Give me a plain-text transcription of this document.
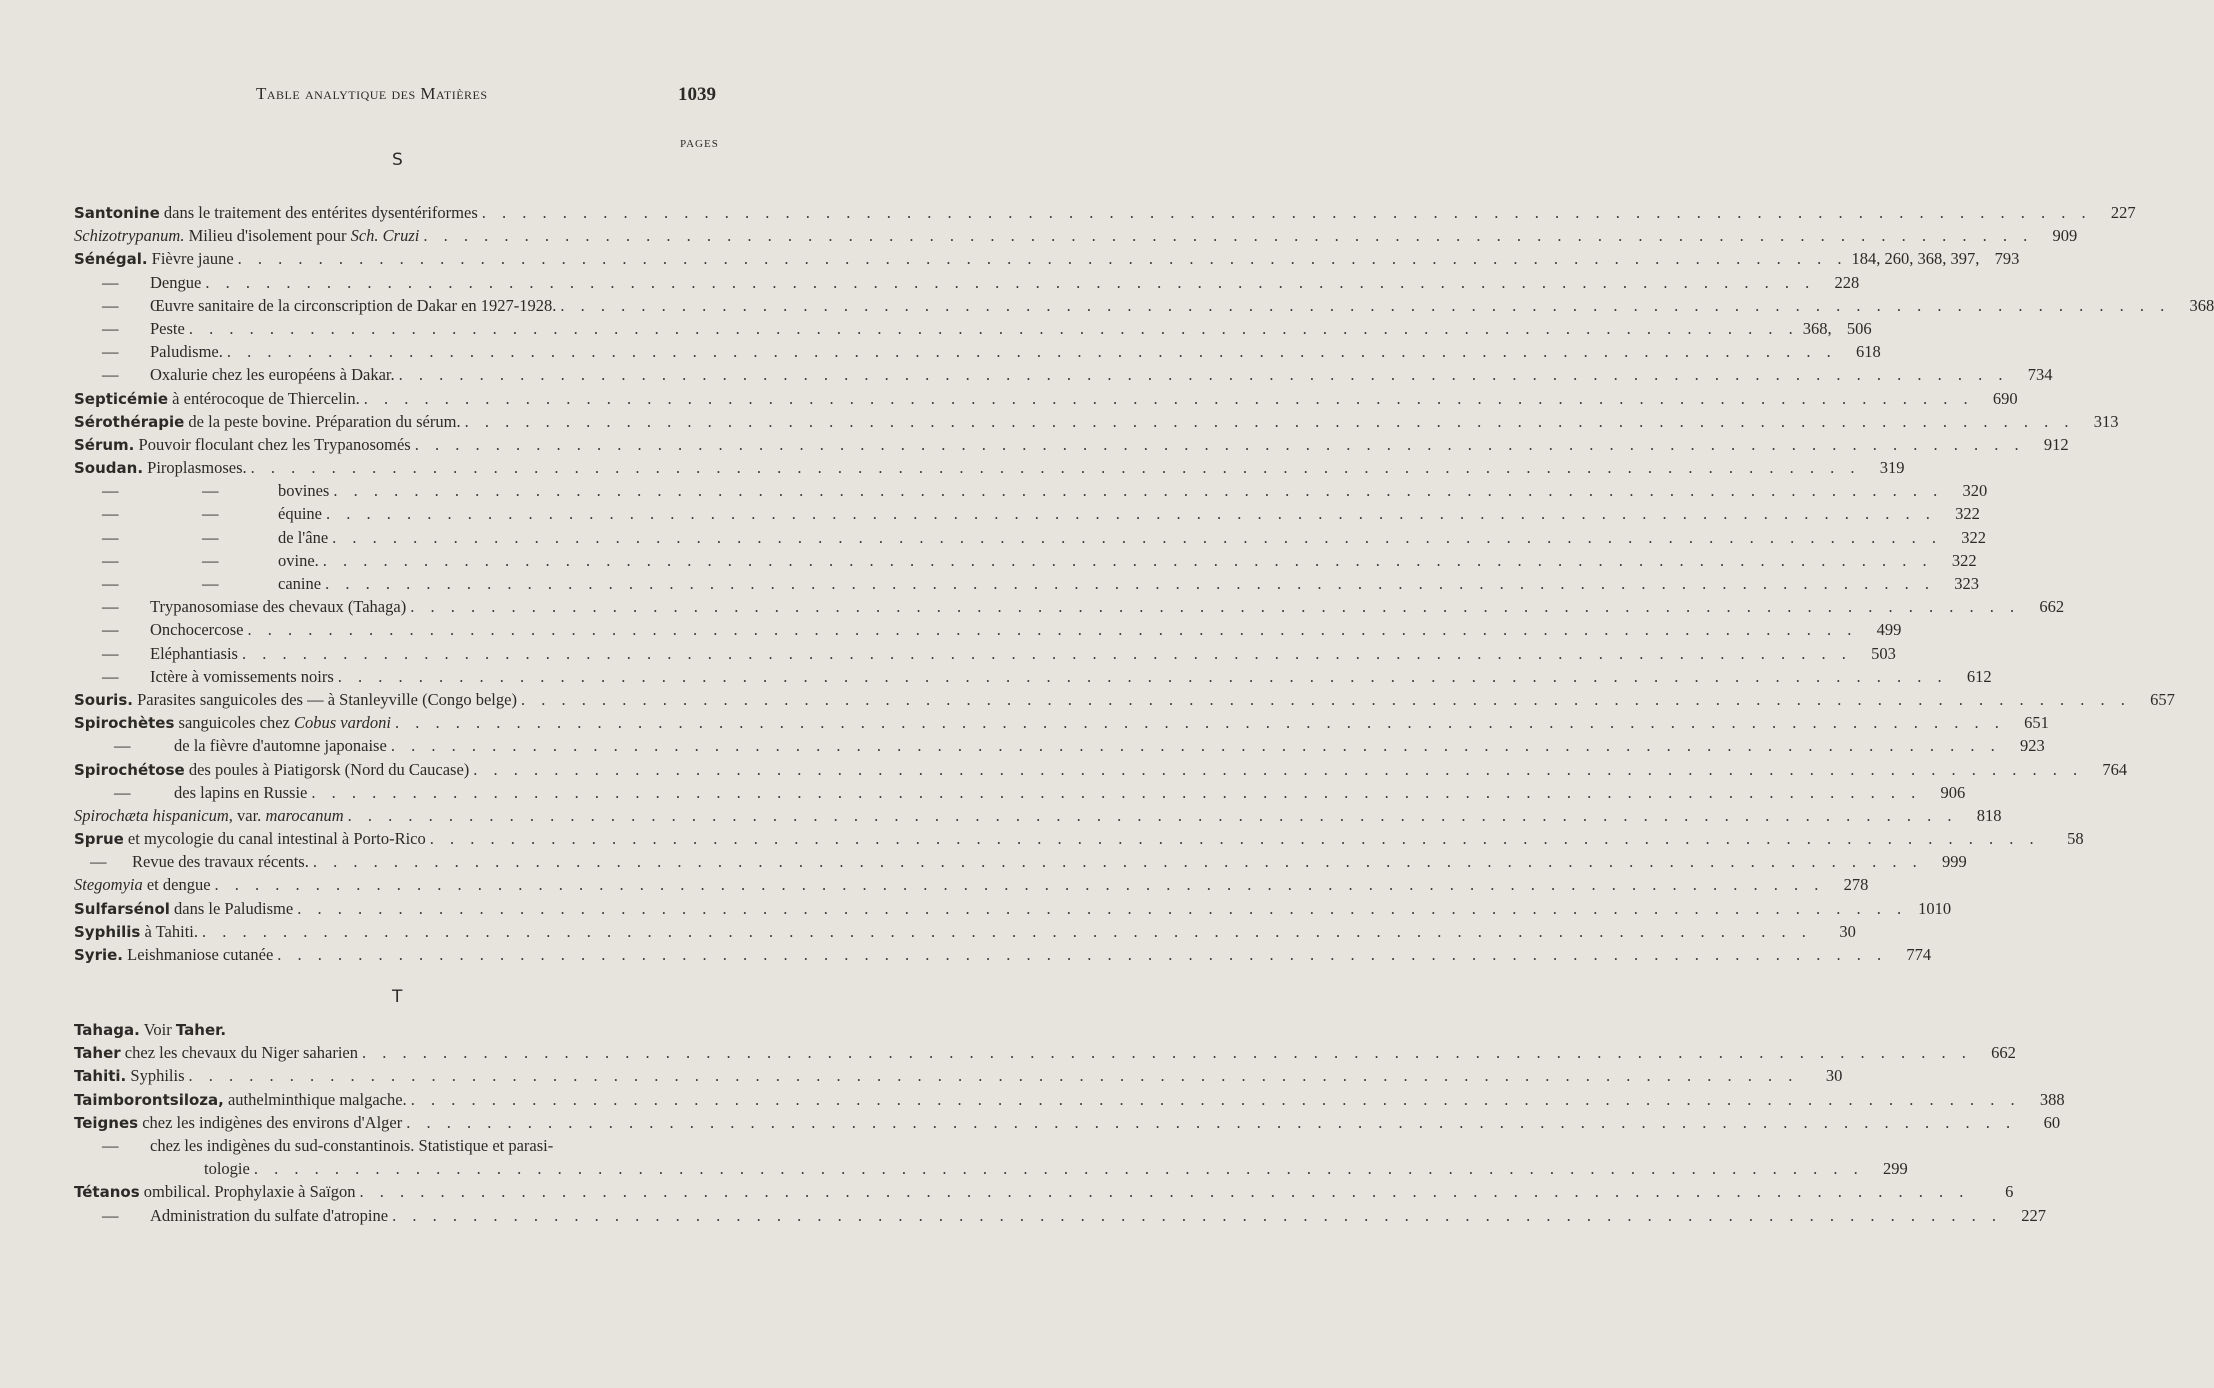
Table analytique des Matières	1039
PAGES
S
Santonine dans le traitement des entérites dysentériformes . . . . . . . . . . . . . . . . . . . . . . . . . . . . . . . . . . . . . . . . . . . . . . . . . . . . . . . . . . . . . . . . . . . . . . . . . . . . . . . .	227
Schizotrypanum. Milieu d'isolement pour Sch. Cruzi . . . . . . . . . . . . . . . . . . . . . . . . . . . . . . . . . . . . . . . . . . . . . . . . . . . . . . . . . . . . . . . . . . . . . . . . . . . . . . . .	909
Sénégal. Fièvre jaune . . . . . . . . . . . . . . . . . . . . . . . . . . . . . . . . . . . . . . . . . . . . . . . . . . . . . . . . . . . . . . . . . . . . . . . . . . . . . . . . 184, 260, 368, 397, 793
— Dengue . . . . . . . . . . . . . . . . . . . . . . . . . . . . . . . . . . . . . . . . . . . . . . . . . . . . . . . . . . . . . . . . . . . . . . . . . . . . . . . .	228
— Œuvre sanitaire de la circonscription de Dakar en 1927-1928. . . . . . . . . . . . . . . . . . . . . . . . . . . . . . . . . . . . . . . . . . . . . . . . . . . . . . . . . . . . . . . . . . . . . . . . . . . . . . . . .	368
— Peste . . . . . . . . . . . . . . . . . . . . . . . . . . . . . . . . . . . . . . . . . . . . . . . . . . . . . . . . . . . . . . . . . . . . . . . . . . . . . . . . 368, 506
— Paludisme. . . . . . . . . . . . . . . . . . . . . . . . . . . . . . . . . . . . . . . . . . . . . . . . . . . . . . . . . . . . . . . . . . . . . . . . . . . . . . . . .	618
— Oxalurie chez les européens à Dakar. . . . . . . . . . . . . . . . . . . . . . . . . . . . . . . . . . . . . . . . . . . . . . . . . . . . . . . . . . . . . . . . . . . . . . . . . . . . . . . . .	734
Septicémie à entérocoque de Thiercelin. . . . . . . . . . . . . . . . . . . . . . . . . . . . . . . . . . . . . . . . . . . . . . . . . . . . . . . . . . . . . . . . . . . . . . . . . . . . . . . . .	690
Sérothérapie de la peste bovine. Préparation du sérum. . . . . . . . . . . . . . . . . . . . . . . . . . . . . . . . . . . . . . . . . . . . . . . . . . . . . . . . . . . . . . . . . . . . . . . . . . . . . . . . .	313
Sérum. Pouvoir floculant chez les Trypanosomés . . . . . . . . . . . . . . . . . . . . . . . . . . . . . . . . . . . . . . . . . . . . . . . . . . . . . . . . . . . . . . . . . . . . . . . . . . . . . . . .	912
Soudan. Piroplasmoses. . . . . . . . . . . . . . . . . . . . . . . . . . . . . . . . . . . . . . . . . . . . . . . . . . . . . . . . . . . . . . . . . . . . . . . . . . . . . . . . .	319
—	—	bovines . . . . . . . . . . . . . . . . . . . . . . . . . . . . . . . . . . . . . . . . . . . . . . . . . . . . . . . . . . . . . . . . . . . . . . . . . . . . . . . .	320
—	—	équine . . . . . . . . . . . . . . . . . . . . . . . . . . . . . . . . . . . . . . . . . . . . . . . . . . . . . . . . . . . . . . . . . . . . . . . . . . . . . . . .	322
—	—	de l'âne . . . . . . . . . . . . . . . . . . . . . . . . . . . . . . . . . . . . . . . . . . . . . . . . . . . . . . . . . . . . . . . . . . . . . . . . . . . . . . . .	322
—	—	ovine. . . . . . . . . . . . . . . . . . . . . . . . . . . . . . . . . . . . . . . . . . . . . . . . . . . . . . . . . . . . . . . . . . . . . . . . . . . . . . . . .	322
—	—	canine . . . . . . . . . . . . . . . . . . . . . . . . . . . . . . . . . . . . . . . . . . . . . . . . . . . . . . . . . . . . . . . . . . . . . . . . . . . . . . . .	323
— Trypanosomiase des chevaux (Tahaga) . . . . . . . . . . . . . . . . . . . . . . . . . . . . . . . . . . . . . . . . . . . . . . . . . . . . . . . . . . . . . . . . . . . . . . . . . . . . . . . .	662
— Onchocercose . . . . . . . . . . . . . . . . . . . . . . . . . . . . . . . . . . . . . . . . . . . . . . . . . . . . . . . . . . . . . . . . . . . . . . . . . . . . . . . .	499
— Eléphantiasis . . . . . . . . . . . . . . . . . . . . . . . . . . . . . . . . . . . . . . . . . . . . . . . . . . . . . . . . . . . . . . . . . . . . . . . . . . . . . . . .	503
— Ictère à vomissements noirs . . . . . . . . . . . . . . . . . . . . . . . . . . . . . . . . . . . . . . . . . . . . . . . . . . . . . . . . . . . . . . . . . . . . . . . . . . . . . . . .	612
Souris. Parasites sanguicoles des — à Stanleyville (Congo belge) . . . . . . . . . . . . . . . . . . . . . . . . . . . . . . . . . . . . . . . . . . . . . . . . . . . . . . . . . . . . . . . . . . . . . . . . . . . . . . . .	657
Spirochètes sanguicoles chez Cobus vardoni . . . . . . . . . . . . . . . . . . . . . . . . . . . . . . . . . . . . . . . . . . . . . . . . . . . . . . . . . . . . . . . . . . . . . . . . . . . . . . . .	651
—	de la fièvre d'automne japonaise . . . . . . . . . . . . . . . . . . . . . . . . . . . . . . . . . . . . . . . . . . . . . . . . . . . . . . . . . . . . . . . . . . . . . . . . . . . . . . . .	923
Spirochétose des poules à Piatigorsk (Nord du Caucase) . . . . . . . . . . . . . . . . . . . . . . . . . . . . . . . . . . . . . . . . . . . . . . . . . . . . . . . . . . . . . . . . . . . . . . . . . . . . . . . .	764
—	des lapins en Russie . . . . . . . . . . . . . . . . . . . . . . . . . . . . . . . . . . . . . . . . . . . . . . . . . . . . . . . . . . . . . . . . . . . . . . . . . . . . . . . .	906
Spirochæta hispanicum, var. marocanum . . . . . . . . . . . . . . . . . . . . . . . . . . . . . . . . . . . . . . . . . . . . . . . . . . . . . . . . . . . . . . . . . . . . . . . . . . . . . . . .	818
Sprue et mycologie du canal intestinal à Porto-Rico . . . . . . . . . . . . . . . . . . . . . . . . . . . . . . . . . . . . . . . . . . . . . . . . . . . . . . . . . . . . . . . . . . . . . . . . . . . . . . . .	58
— Revue des travaux récents. . . . . . . . . . . . . . . . . . . . . . . . . . . . . . . . . . . . . . . . . . . . . . . . . . . . . . . . . . . . . . . . . . . . . . . . . . . . . . . . .	999
Stegomyia et dengue . . . . . . . . . . . . . . . . . . . . . . . . . . . . . . . . . . . . . . . . . . . . . . . . . . . . . . . . . . . . . . . . . . . . . . . . . . . . . . . .	278
Sulfarsénol dans le Paludisme . . . . . . . . . . . . . . . . . . . . . . . . . . . . . . . . . . . . . . . . . . . . . . . . . . . . . . . . . . . . . . . . . . . . . . . . . . . . . . . . 1010
Syphilis à Tahiti. . . . . . . . . . . . . . . . . . . . . . . . . . . . . . . . . . . . . . . . . . . . . . . . . . . . . . . . . . . . . . . . . . . . . . . . . . . . . . . . .	30
Syrie. Leishmaniose cutanée . . . . . . . . . . . . . . . . . . . . . . . . . . . . . . . . . . . . . . . . . . . . . . . . . . . . . . . . . . . . . . . . . . . . . . . . . . . . . . . .	774
T
Tahaga. Voir Taher.
Taher chez les chevaux du Niger saharien . . . . . . . . . . . . . . . . . . . . . . . . . . . . . . . . . . . . . . . . . . . . . . . . . . . . . . . . . . . . . . . . . . . . . . . . . . . . . . . .	662
Tahiti. Syphilis . . . . . . . . . . . . . . . . . . . . . . . . . . . . . . . . . . . . . . . . . . . . . . . . . . . . . . . . . . . . . . . . . . . . . . . . . . . . . . . .	30
Taimborontsiloza, authelminthique malgache. . . . . . . . . . . . . . . . . . . . . . . . . . . . . . . . . . . . . . . . . . . . . . . . . . . . . . . . . . . . . . . . . . . . . . . . . . . . . . . . .	388
Teignes chez les indigènes des environs d'Alger . . . . . . . . . . . . . . . . . . . . . . . . . . . . . . . . . . . . . . . . . . . . . . . . . . . . . . . . . . . . . . . . . . . . . . . . . . . . . . . .	60
— chez les indigènes du sud-constantinois. Statistique et parasi-
tologie . . . . . . . . . . . . . . . . . . . . . . . . . . . . . . . . . . . . . . . . . . . . . . . . . . . . . . . . . . . . . . . . . . . . . . . . . . . . . . . .	299
Tétanos ombilical. Prophylaxie à Saïgon . . . . . . . . . . . . . . . . . . . . . . . . . . . . . . . . . . . . . . . . . . . . . . . . . . . . . . . . . . . . . . . . . . . . . . . . . . . . . . . .	6
— Administration du sulfate d'atropine . . . . . . . . . . . . . . . . . . . . . . . . . . . . . . . . . . . . . . . . . . . . . . . . . . . . . . . . . . . . . . . . . . . . . . . . . . . . . . . .	227
